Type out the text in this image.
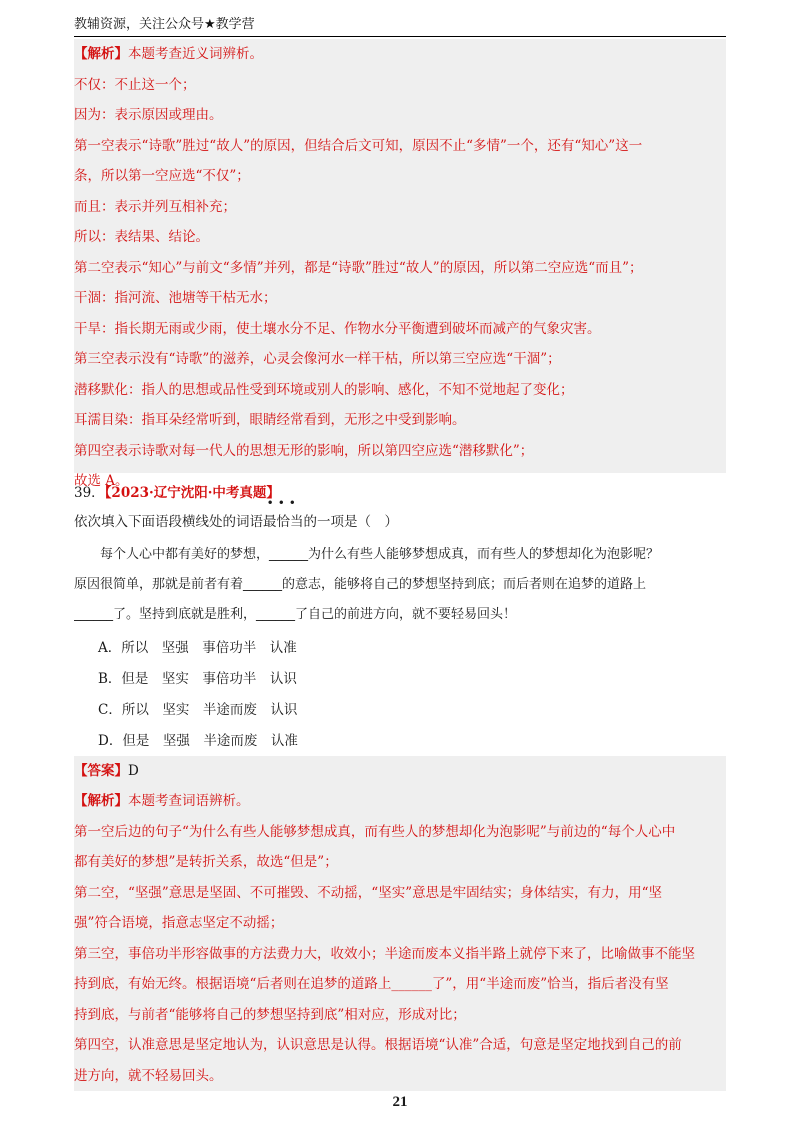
教辅资源，关注公众号★教学营
【解析】本题考查近义词辨析。
不仅：不止这一个；
因为：表示原因或理由。
第一空表示“诗歌”胜过“故人”的原因，但结合后文可知，原因不止“多情”一个，还有“知心”这一
条，所以第一空应选“不仅”；
而且：表示并列互相补充；
所以：表结果、结论。
第二空表示“知心”与前文“多情”并列，都是“诗歌”胜过“故人”的原因，所以第二空应选“而且”；
干涸：指河流、池塘等干枯无水；
干旱：指长期无雨或少雨，使土壤水分不足、作物水分平衡遭到破坏而减产的气象灾害。
第三空表示没有“诗歌”的滋养，心灵会像河水一样干枯，所以第三空应选“干涸”；
潜移默化：指人的思想或品性受到环境或别人的影响、感化，不知不觉地起了变化；
耳濡目染：指耳朵经常听到，眼睛经常看到，无形之中受到影响。
第四空表示诗歌对每一代人的思想无形的影响，所以第四空应选“潜移默化”；
故选 A。
39．【2023·辽宁沈阳·中考真题】
依次填入下面语段横线处的词语
•••
最恰当的一项是（　）
　　每个人心中都有美好的梦想，______为什么有些人能够梦想成真，而有些人的梦想却化为泡影呢？
原因很简单，那就是前者有着______的意志，能够将自己的梦想坚持到底；而后者则在追梦的道路上
______了。坚持到底就是胜利，______了自己的前进方向，就不要轻易回头！
A．所以　坚强　事倍功半　认准
B．但是　坚实　事倍功半　认识
C．所以　坚实　半途而废　认识
D．但是　坚强　半途而废　认准
【答案】D
【解析】本题考查词语辨析。
第一空后边的句子“为什么有些人能够梦想成真，而有些人的梦想却化为泡影呢”与前边的“每个人心中
都有美好的梦想”是转折关系，故选“但是”；
第二空，“坚强”意思是坚固、不可摧毁、不动摇，“坚实”意思是牢固结实；身体结实，有力，用“坚
强”符合语境，指意志坚定不动摇；
第三空，事倍功半形容做事的方法费力大，收效小；半途而废本义指半路上就停下来了，比喻做事不能坚
持到底，有始无终。根据语境“后者则在追梦的道路上______了”，用“半途而废”恰当，指后者没有坚
持到底，与前者“能够将自己的梦想坚持到底”相对应，形成对比；
第四空，认准意思是坚定地认为，认识意思是认得。根据语境“认准”合适，句意是坚定地找到自己的前
进方向，就不轻易回头。
21
